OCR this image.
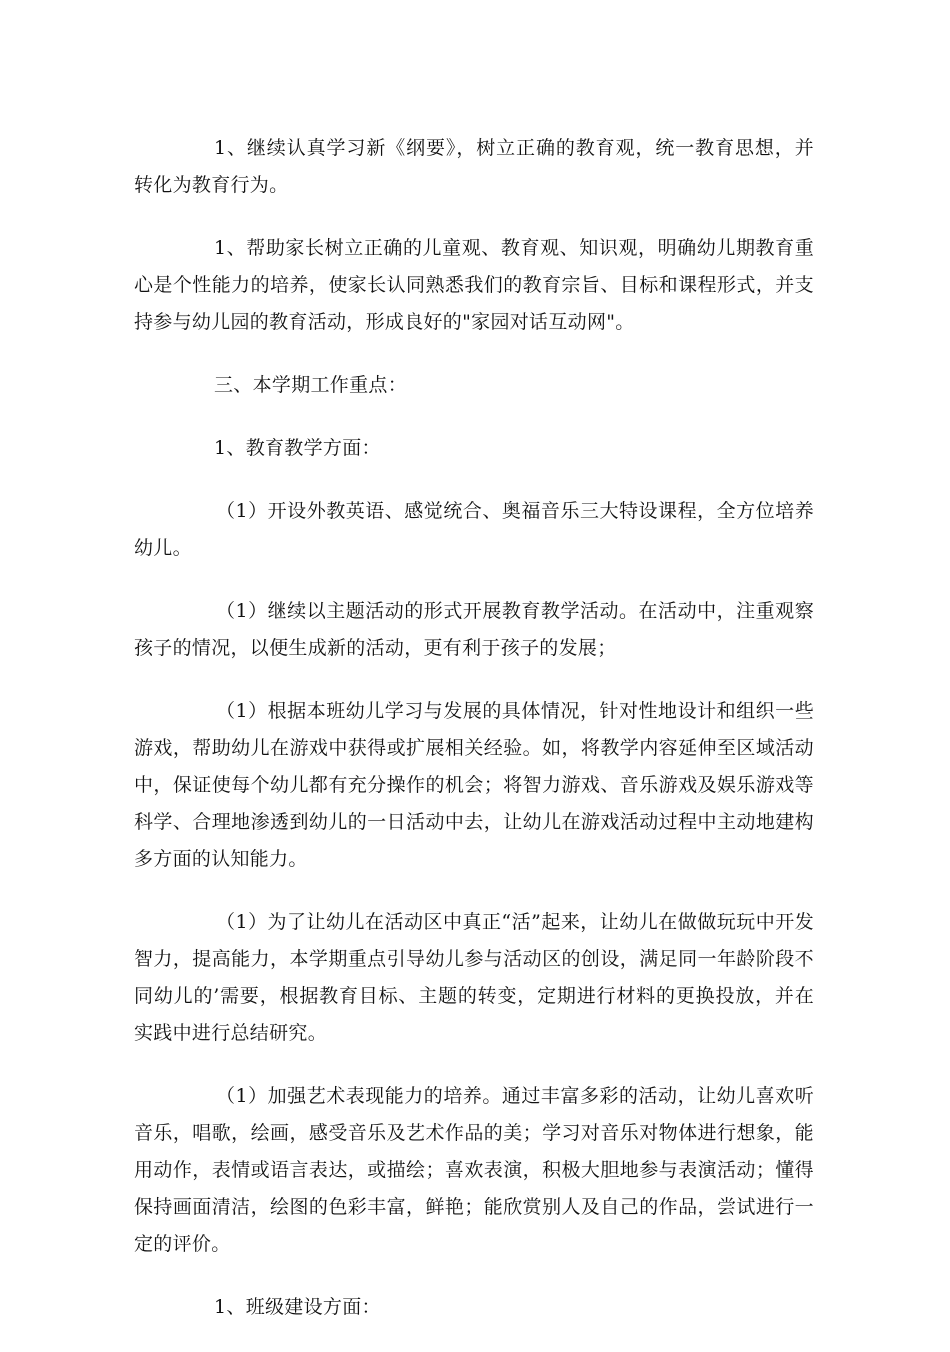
1、继续认真学习新《纲要》，树立正确的教育观，统一教育思想，并转化为教育行为。

1、帮助家长树立正确的儿童观、教育观、知识观，明确幼儿期教育重心是个性能力的培养，使家长认同熟悉我们的教育宗旨、目标和课程形式，并支持参与幼儿园的教育活动，形成良好的"家园对话互动网"。

三、本学期工作重点：

1、教育教学方面：

（1）开设外教英语、感觉统合、奥福音乐三大特设课程，全方位培养幼儿。

（1）继续以主题活动的形式开展教育教学活动。在活动中，注重观察孩子的情况，以便生成新的活动，更有利于孩子的发展；

（1）根据本班幼儿学习与发展的具体情况，针对性地设计和组织一些游戏，帮助幼儿在游戏中获得或扩展相关经验。如，将教学内容延伸至区域活动中，保证使每个幼儿都有充分操作的机会；将智力游戏、音乐游戏及娱乐游戏等科学、合理地渗透到幼儿的一日活动中去，让幼儿在游戏活动过程中主动地建构多方面的认知能力。

（1）为了让幼儿在活动区中真正“活”起来，让幼儿在做做玩玩中开发智力，提高能力，本学期重点引导幼儿参与活动区的创设，满足同一年龄阶段不同幼儿的’需要，根据教育目标、主题的转变，定期进行材料的更换投放，并在实践中进行总结研究。

（1）加强艺术表现能力的培养。通过丰富多彩的活动，让幼儿喜欢听音乐，唱歌，绘画，感受音乐及艺术作品的美；学习对音乐对物体进行想象，能用动作，表情或语言表达，或描绘；喜欢表演，积极大胆地参与表演活动；懂得保持画面清洁，绘图的色彩丰富，鲜艳；能欣赏别人及自己的作品，尝试进行一定的评价。

1、班级建设方面：
